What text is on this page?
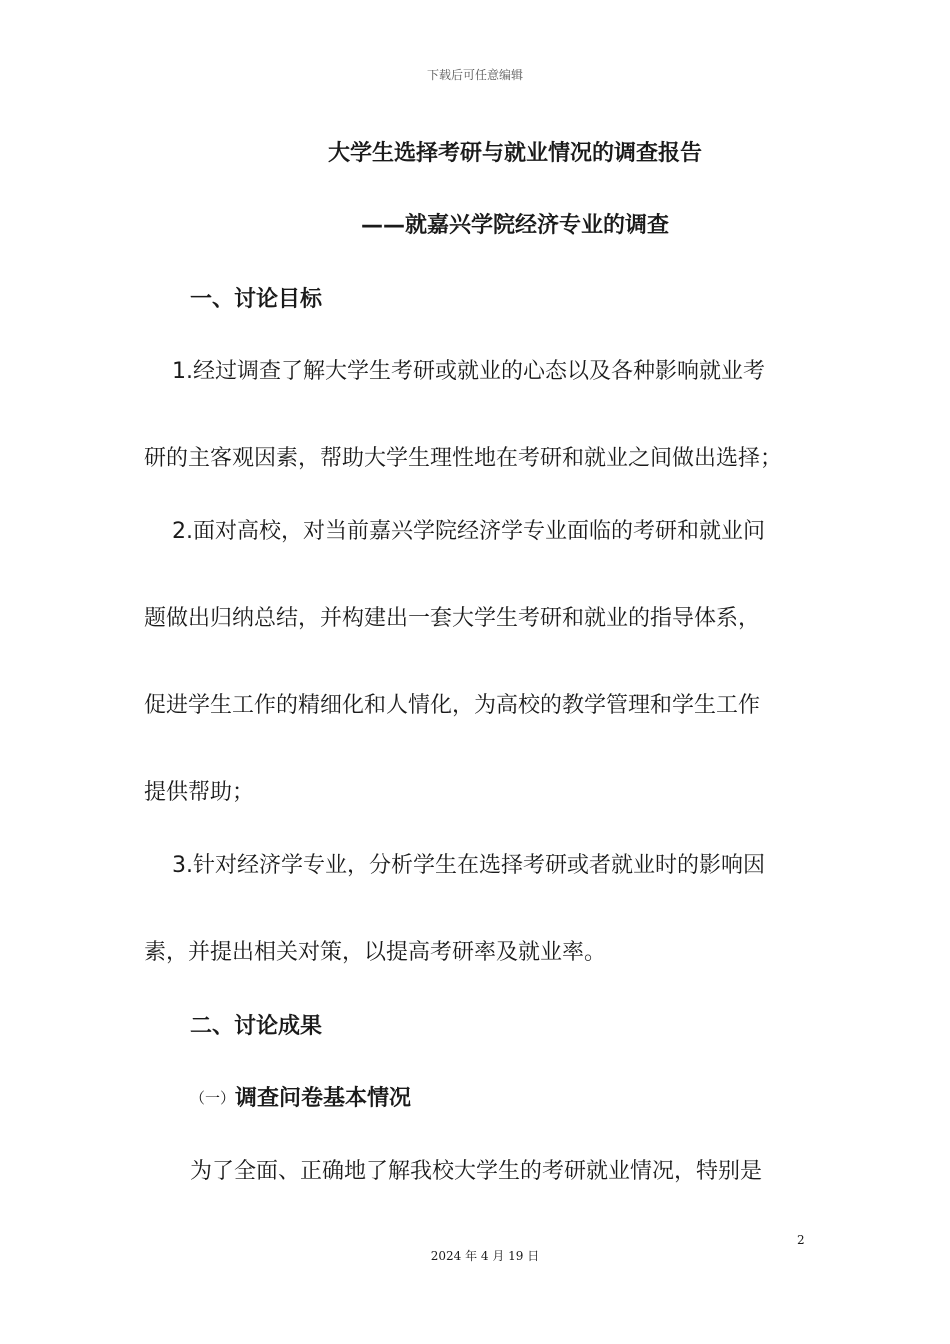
下载后可任意编辑
大学生选择考研与就业情况的调查报告
——就嘉兴学院经济专业的调查
一、讨论目标
1.经过调查了解大学生考研或就业的心态以及各种影响就业考
研的主客观因素，帮助大学生理性地在考研和就业之间做出选择；
2.面对高校，对当前嘉兴学院经济学专业面临的考研和就业问
题做出归纳总结，并构建出一套大学生考研和就业的指导体系，
促进学生工作的精细化和人情化，为高校的教学管理和学生工作
提供帮助；
3.针对经济学专业，分析学生在选择考研或者就业时的影响因
素，并提出相关对策，以提高考研率及就业率。
二、讨论成果
（一）调查问卷基本情况
为了全面、正确地了解我校大学生的考研就业情况，特别是
2
2024 年 4 月 19 日
